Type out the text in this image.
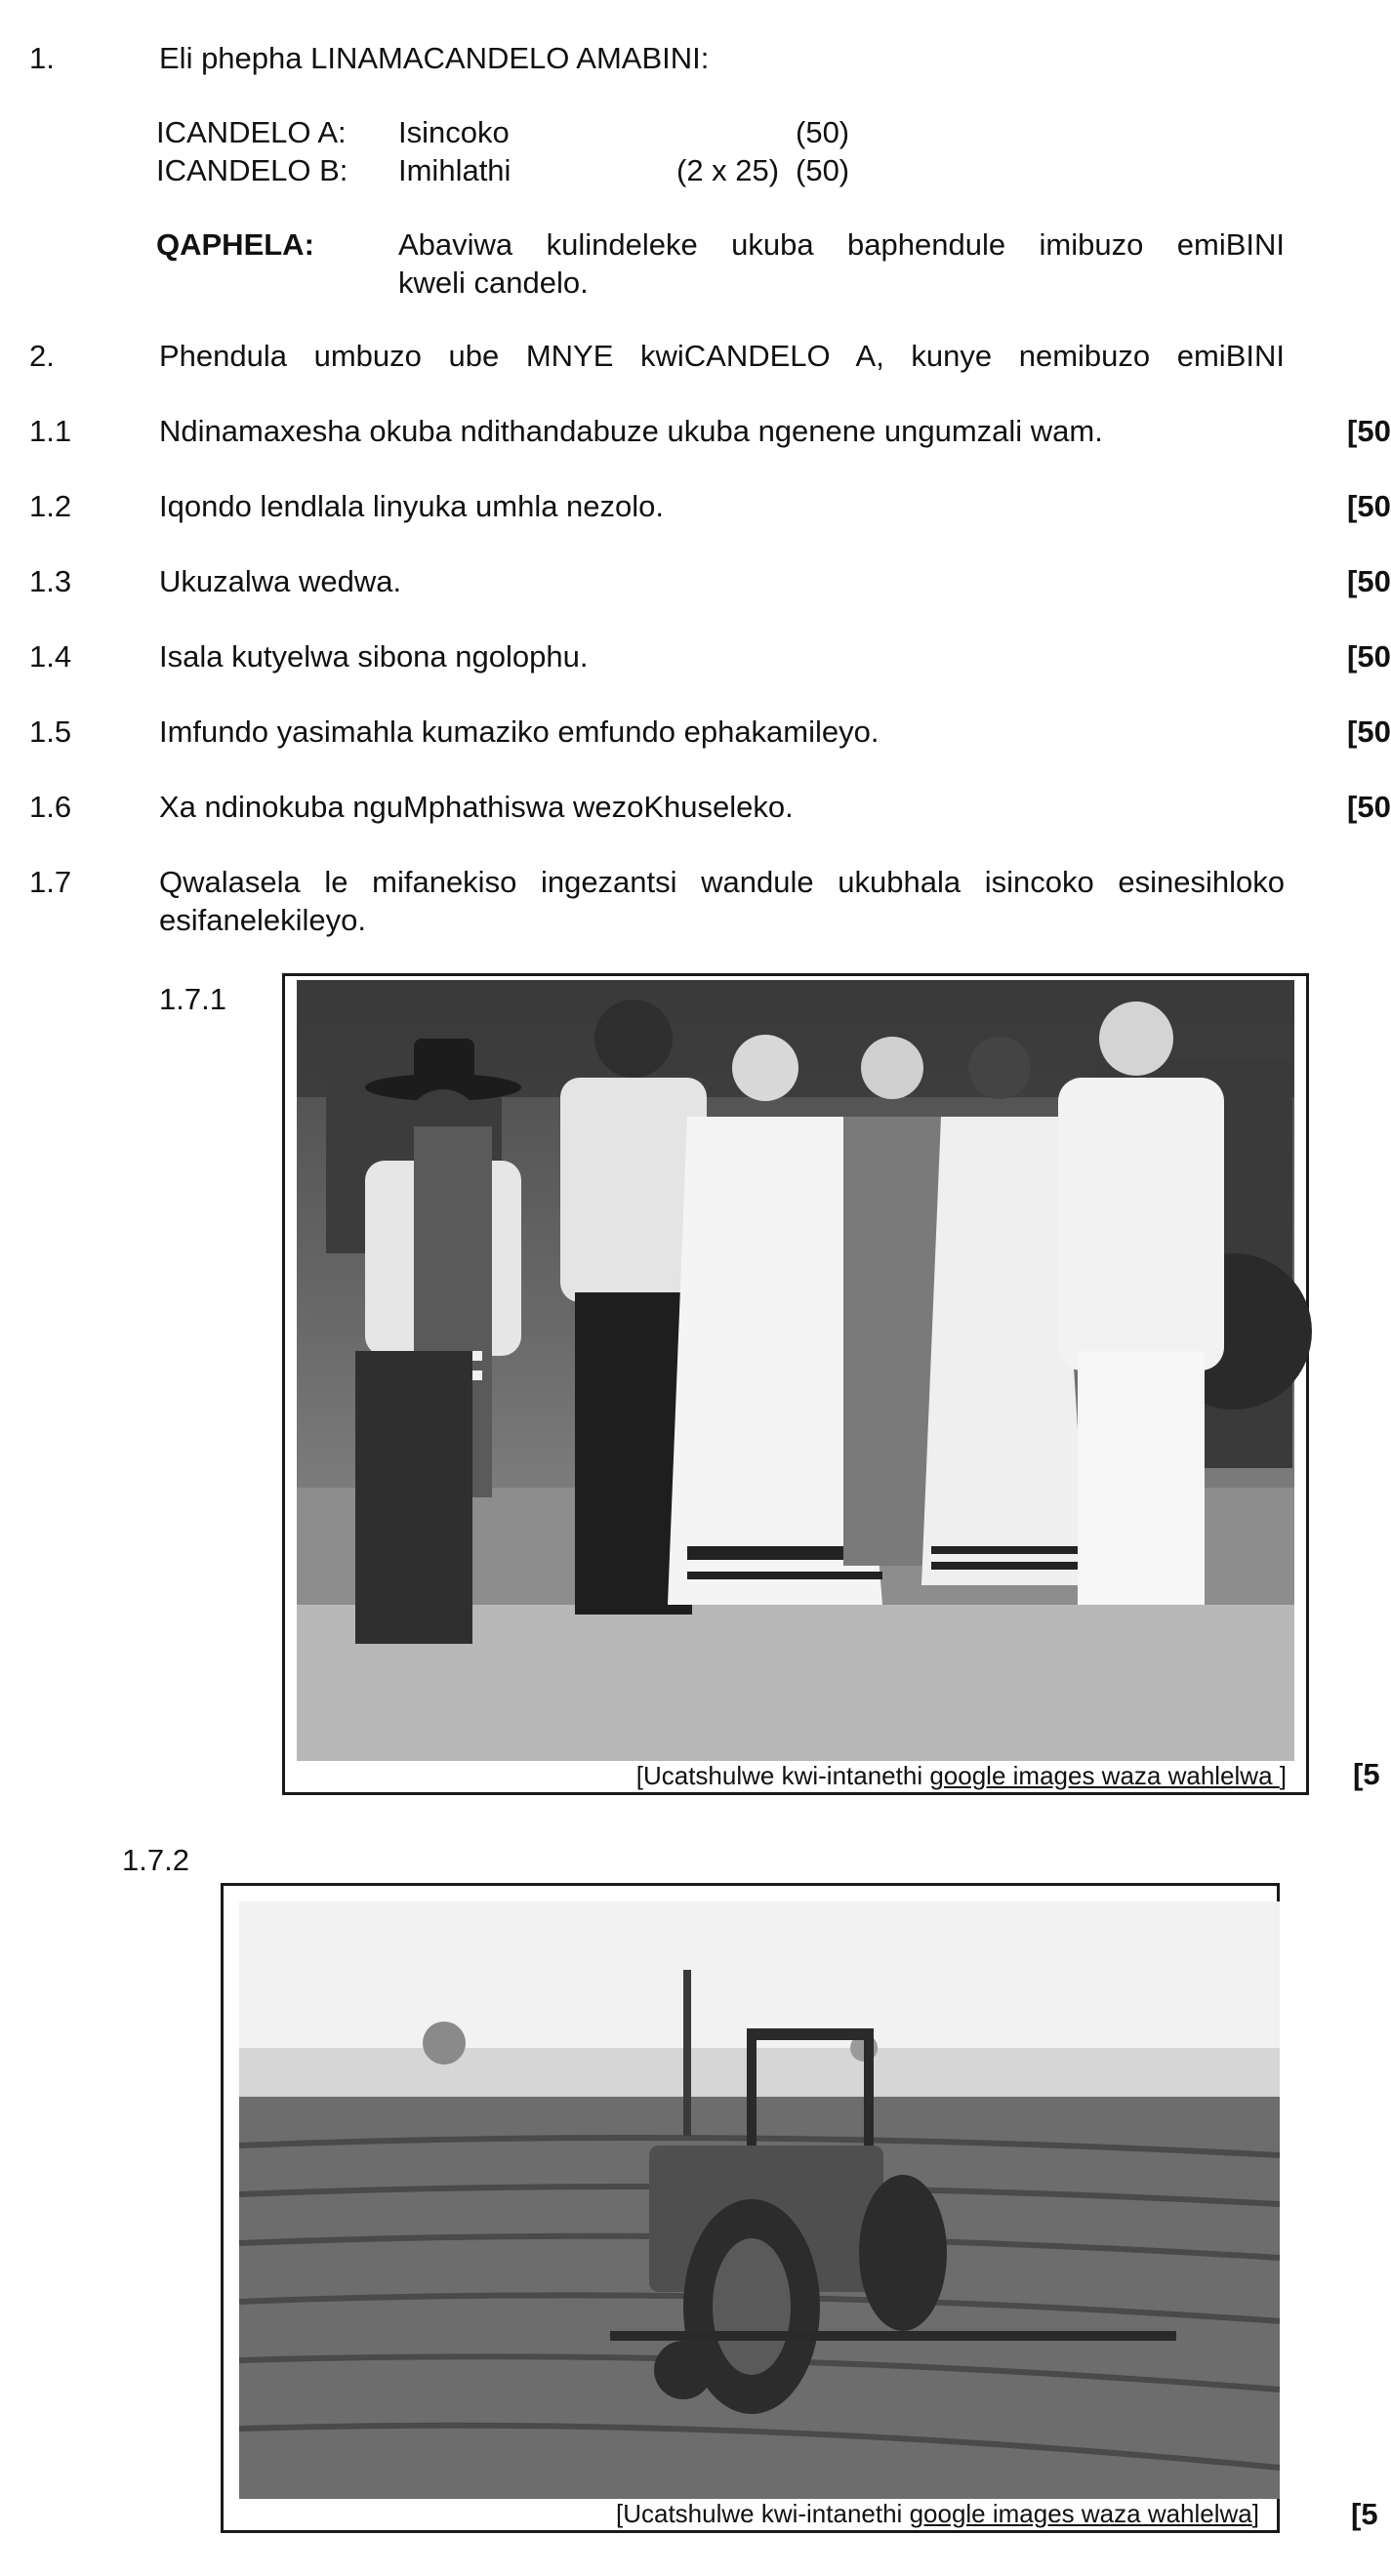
1.	Eli phepha LINAMACANDELO AMABINI:
ICANDELO A: Isincoko	(50)
ICANDELO B: Imihlathi	(2 x 25) (50)
QAPHELA:	Abaviwa kulindeleke ukuba baphendule imibuzo emiBINI
kweli candelo.
2.	Phendula umbuzo ube MNYE kwiCANDELO A, kunye nemibuzo emiBINI
1.1	Ndinamaxesha okuba ndithandabuze ukuba ngenene ungumzali wam.	[50
1.2	Iqondo lendlala linyuka umhla nezolo.	[50
1.3	Ukuzalwa wedwa.	[50
1.4	Isala kutyelwa sibona ngolophu.	[50
1.5	Imfundo yasimahla kumaziko emfundo ephakamileyo.	[50
1.6	Xa ndinokuba nguMphathiswa wezoKhuseleko.	[50
1.7	Qwalasela le mifanekiso ingezantsi wandule ukubhala isincoko esinesihloko
esifanelekileyo.
1.7.1
[Ucatshulwe kwi-intanethi google images waza wahlelwa ] [5
1.7.2
[Ucatshulwe kwi-intanethi google images waza wahlelwa]	[5
